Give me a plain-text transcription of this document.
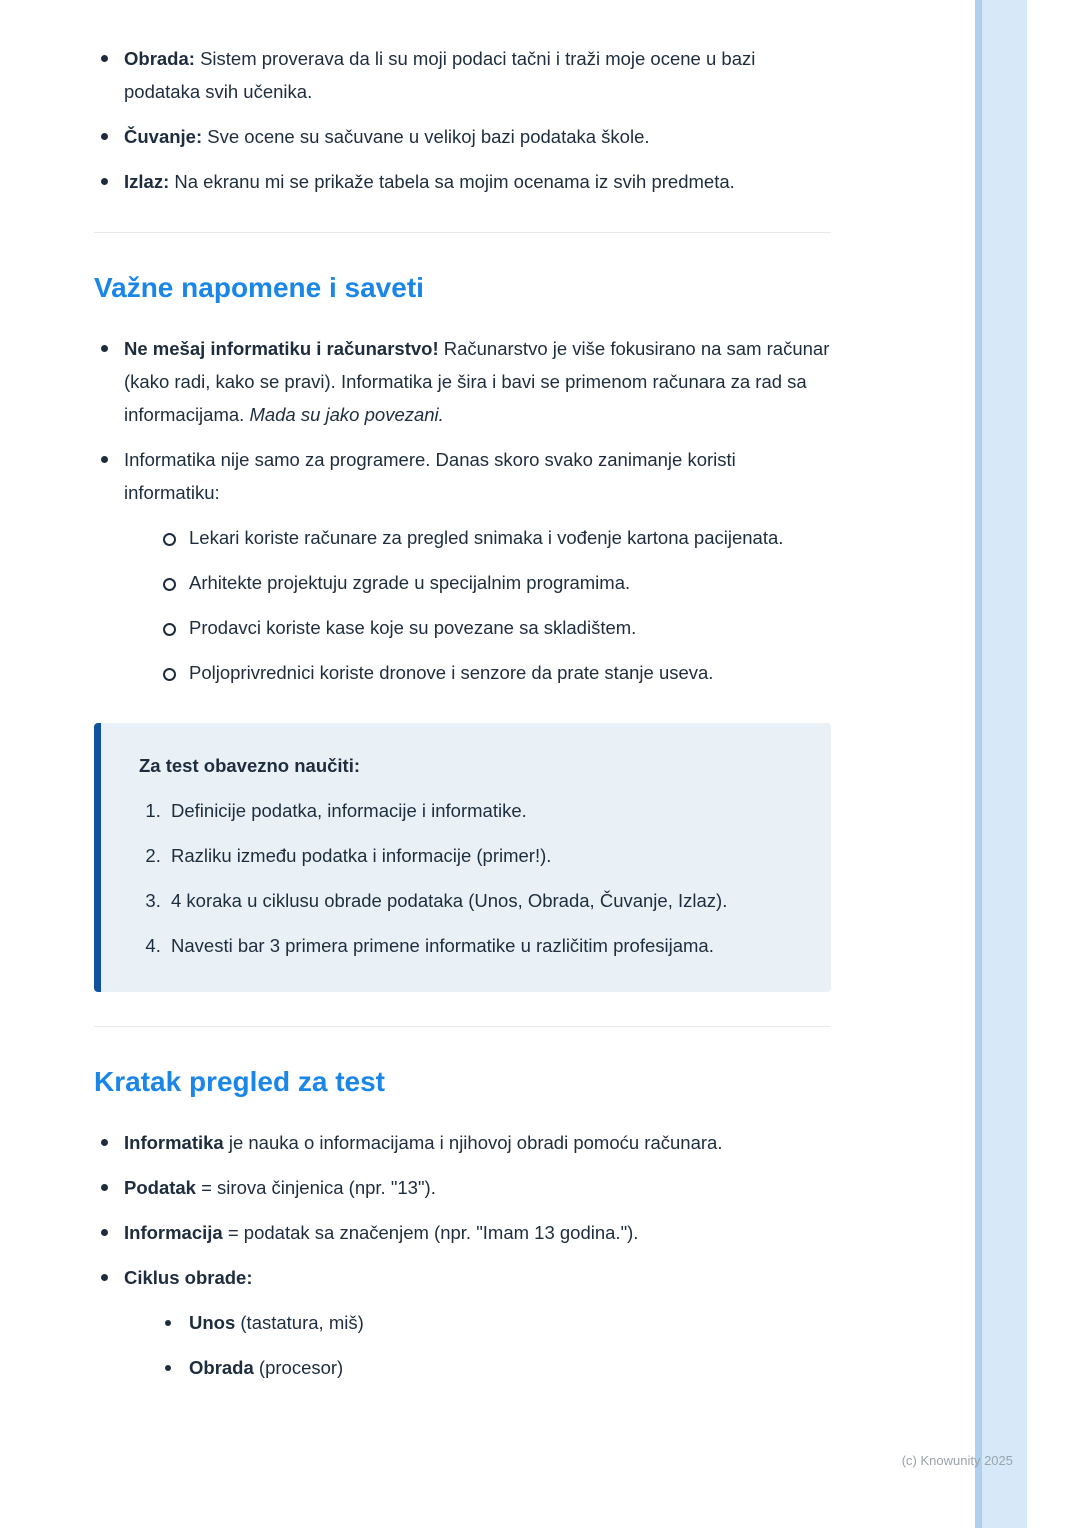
Obrada: Sistem proverava da li su moji podaci tačni i traži moje ocene u bazi podataka svih učenika.
Čuvanje: Sve ocene su sačuvane u velikoj bazi podataka škole.
Izlaz: Na ekranu mi se prikaže tabela sa mojim ocenama iz svih predmeta.
Važne napomene i saveti
Ne mešaj informatiku i računarstvo! Računarstvo je više fokusirano na sam računar (kako radi, kako se pravi). Informatika je šira i bavi se primenom računara za rad sa informacijama. Mada su jako povezani.
Informatika nije samo za programere. Danas skoro svako zanimanje koristi informatiku:
Lekari koriste računare za pregled snimaka i vođenje kartona pacijenata.
Arhitekte projektuju zgrade u specijalnim programima.
Prodavci koriste kase koje su povezane sa skladištem.
Poljoprivrednici koriste dronove i senzore da prate stanje useva.

Za test obavezno naučiti:

1. Definicije podatka, informacije i informatike.
2. Razliku između podatka i informacije (primer!).
3. 4 koraka u ciklusu obrade podataka (Unos, Obrada, Čuvanje, Izlaz).
4. Navesti bar 3 primera primene informatike u različitim profesijama.
Kratak pregled za test
Informatika je nauka o informacijama i njihovoj obradi pomoću računara.
Podatak = sirova činjenica (npr. "13").
Informacija = podatak sa značenjem (npr. "Imam 13 godina.").
Ciklus obrade:
Unos (tastatura, miš)
Obrada (procesor)
(c) Knowunity 2025
